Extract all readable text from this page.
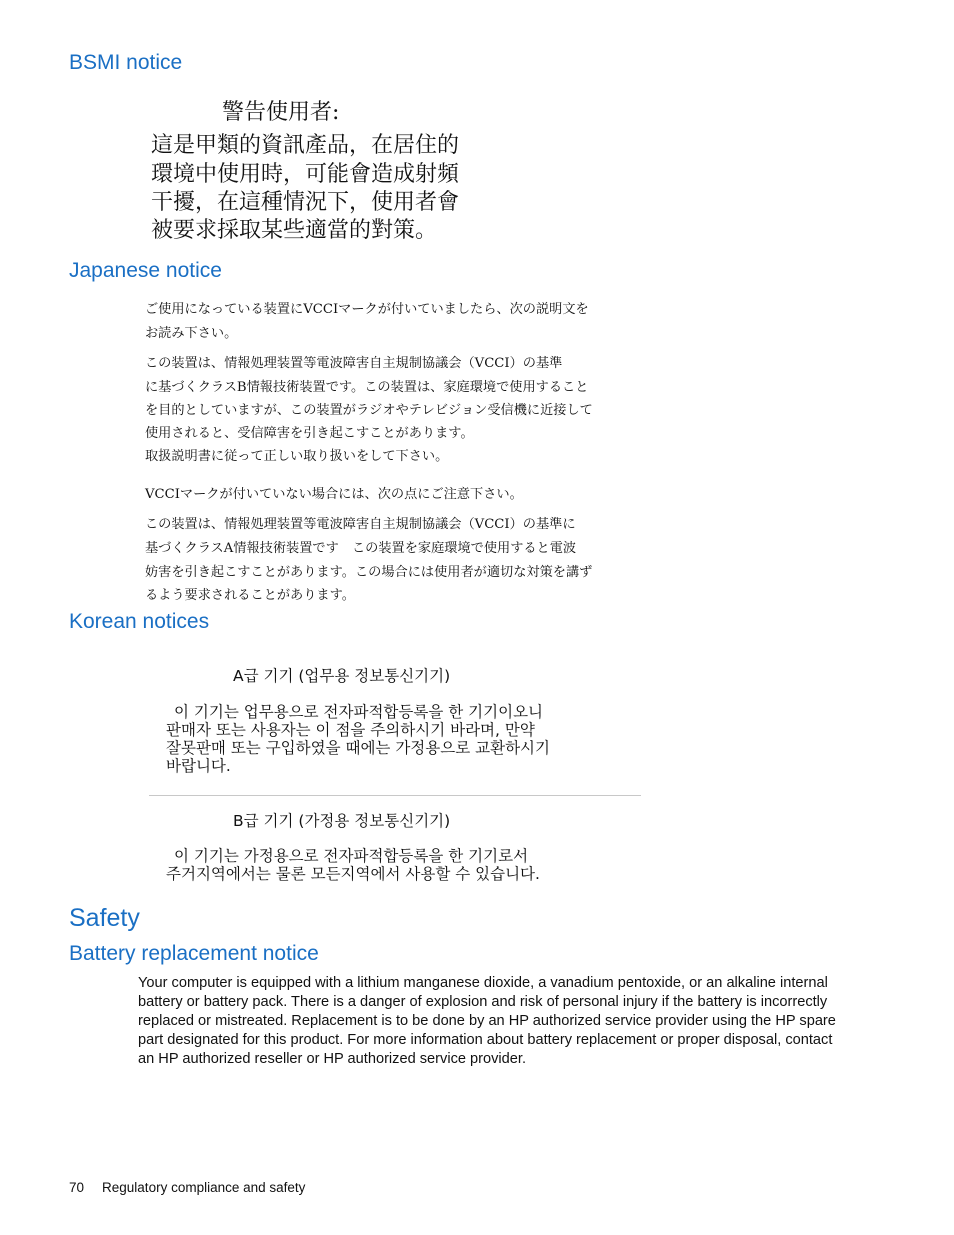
BSMI notice

警告使用者:

這是甲類的資訊產品，在居住的

環境中使用時，可能會造成射頻

干擾，在這種情況下，使用者會

被要求採取某些適當的對策。

Japanese notice

ご使用になっている装置にVCCIマークが付いていましたら、次の説明文を

お読み下さい。

この装置は、情報処理装置等電波障害自主規制協議会（VCCI）の基準

に基づくクラスB情報技術装置です。この装置は、家庭環境で使用すること

を目的としていますが、この装置がラジオやテレビジョン受信機に近接して

使用されると、受信障害を引き起こすことがあります。

取扱説明書に従って正しい取り扱いをして下さい。

VCCIマークが付いていない場合には、次の点にご注意下さい。

この装置は、情報処理装置等電波障害自主規制協議会（VCCI）の基準に

基づくクラスA情報技術装置です　この装置を家庭環境で使用すると電波

妨害を引き起こすことがあります。この場合には使用者が適切な対策を講ず

るよう要求されることがあります。

Korean notices

A급 기기 (업무용 정보통신기기)

이 기기는 업무용으로 전자파적합등록을 한 기기이오니

판매자 또는 사용자는 이 점을 주의하시기 바라며, 만약

잘못판매 또는 구입하였을 때에는 가정용으로 교환하시기

바랍니다.

B급 기기 (가정용 정보통신기기)

이 기기는 가정용으로 전자파적합등록을 한 기기로서

주거지역에서는 물론 모든지역에서 사용할 수 있습니다.

Safety
Battery replacement notice

Your computer is equipped with a lithium manganese dioxide, a vanadium pentoxide, or an alkaline internal battery or battery pack. There is a danger of explosion and risk of personal injury if the battery is incorrectly replaced or mistreated. Replacement is to be done by an HP authorized service provider using the HP spare part designated for this product. For more information about battery replacement or proper disposal, contact an HP authorized reseller or HP authorized service provider.

70 Regulatory compliance and safety
